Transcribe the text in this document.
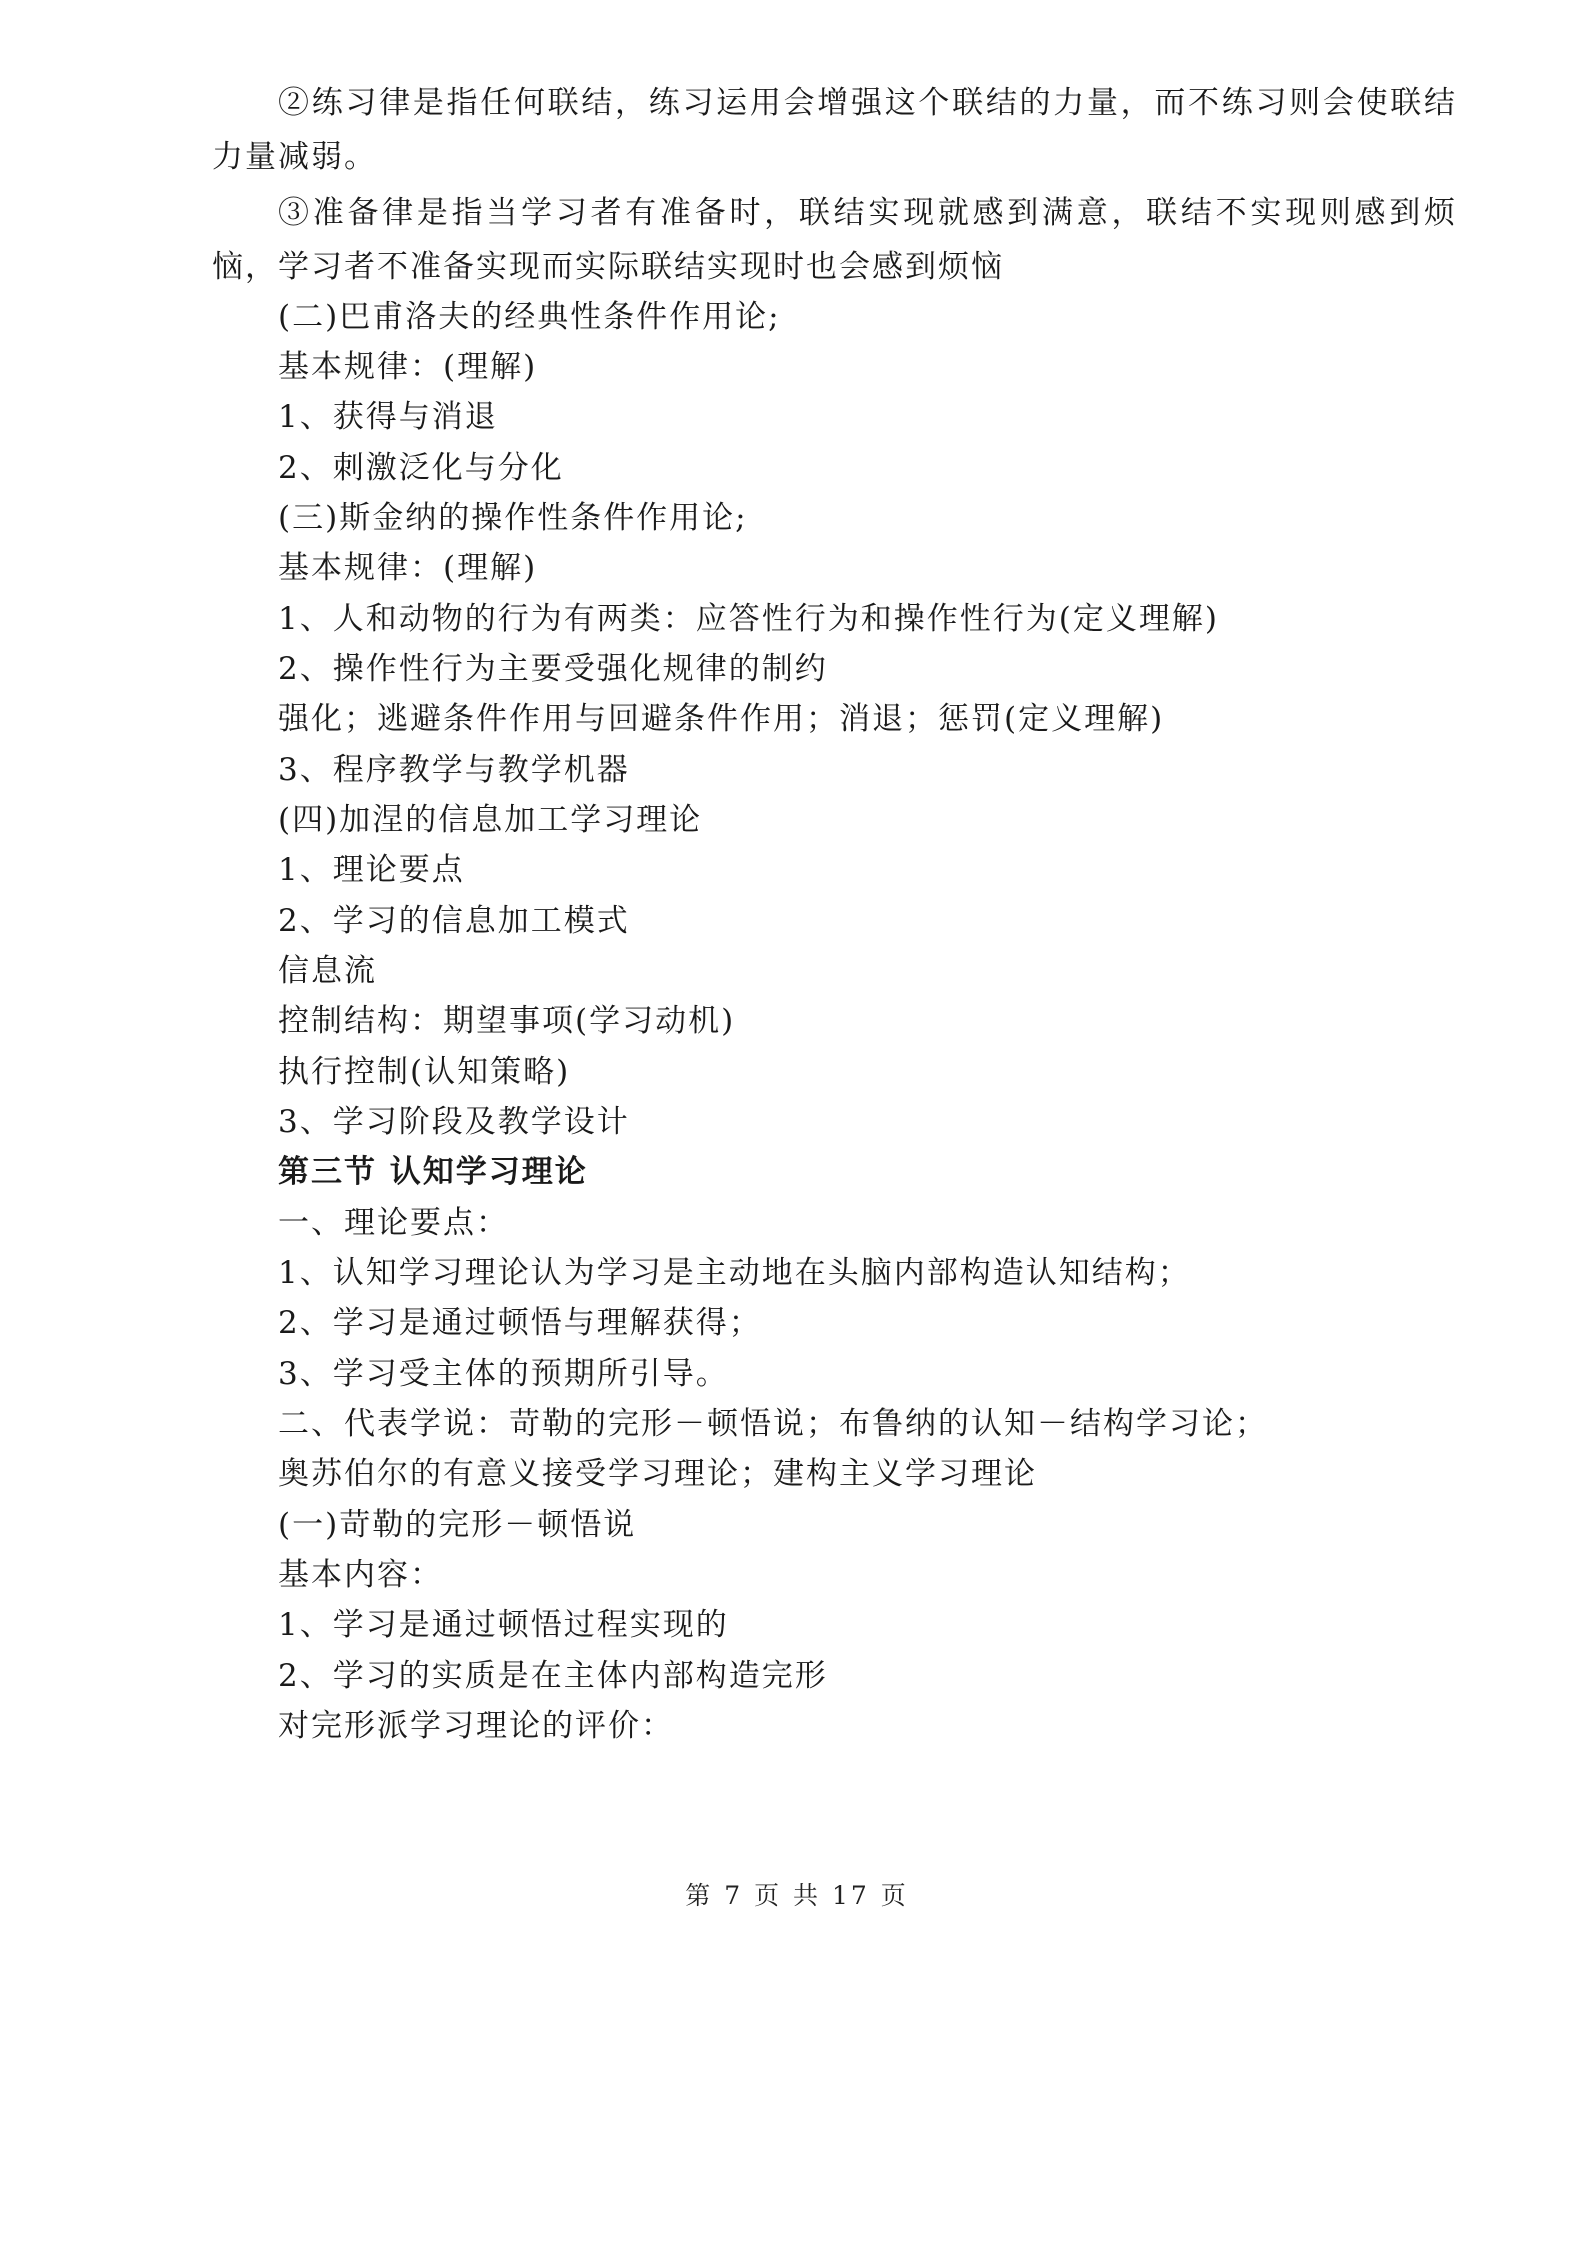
②练习律是指任何联结，练习运用会增强这个联结的力量，而不练习则会使联结力量减弱。

③准备律是指当学习者有准备时，联结实现就感到满意，联结不实现则感到烦恼，学习者不准备实现而实际联结实现时也会感到烦恼

(二)巴甫洛夫的经典性条件作用论;
基本规律：(理解)
1、获得与消退
2、刺激泛化与分化
(三)斯金纳的操作性条件作用论;
基本规律：(理解)
1、人和动物的行为有两类：应答性行为和操作性行为(定义理解)
2、操作性行为主要受强化规律的制约
强化；逃避条件作用与回避条件作用；消退；惩罚(定义理解)
3、程序教学与教学机器
(四)加涅的信息加工学习理论
1、理论要点
2、学习的信息加工模式
信息流
控制结构：期望事项(学习动机)
执行控制(认知策略)
3、学习阶段及教学设计
第三节 认知学习理论
一、理论要点：
1、认知学习理论认为学习是主动地在头脑内部构造认知结构；
2、学习是通过顿悟与理解获得；
3、学习受主体的预期所引导。
二、代表学说：苛勒的完形－顿悟说；布鲁纳的认知－结构学习论；
奥苏伯尔的有意义接受学习理论；建构主义学习理论
(一)苛勒的完形－顿悟说
基本内容：
1、学习是通过顿悟过程实现的
2、学习的实质是在主体内部构造完形
对完形派学习理论的评价：
第 7 页 共 17 页
